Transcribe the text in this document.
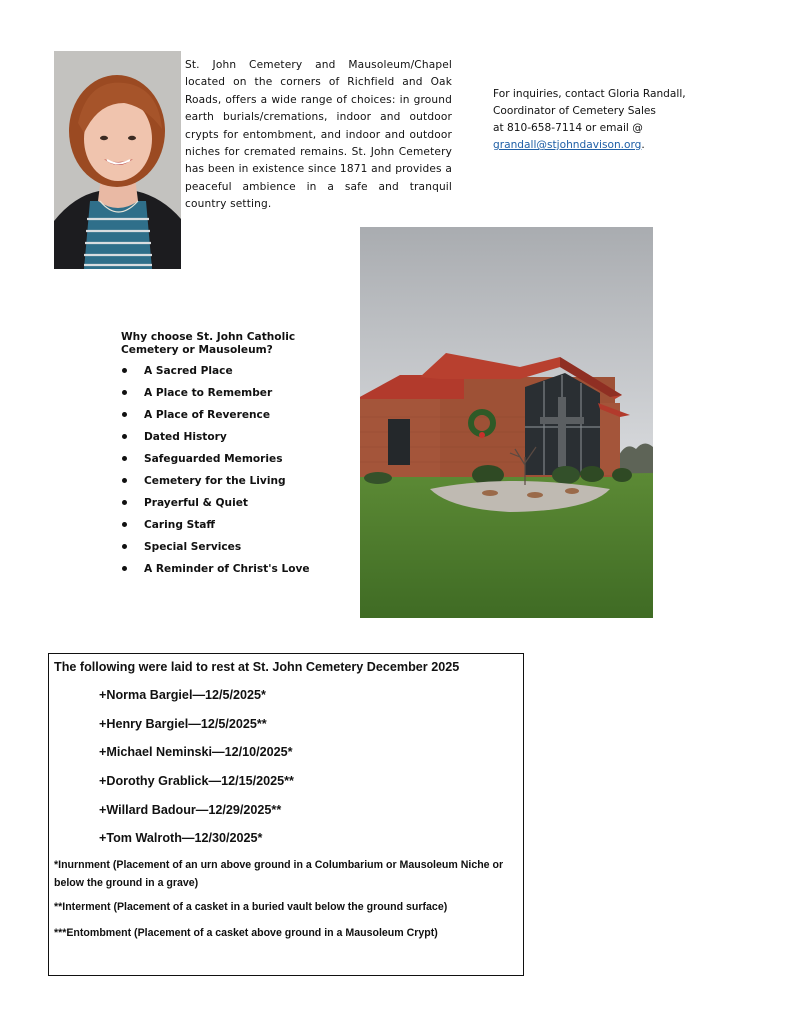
St. John Cemetery and Mausoleum/Chapel located on the corners of Richfield and Oak Roads, offers a wide range of choices: in ground earth burials/cremations, indoor and outdoor crypts for entombment, and indoor and outdoor niches for cremated remains. St. John Cemetery has been in existence since 1871 and provides a peaceful ambience in a safe and tranquil country setting.
For inquiries, contact Gloria Randall,
Coordinator of Cemetery Sales
at 810-658-7114 or email @
grandall@stjohndavison.org.
Why choose St. John Catholic Cemetery or Mausoleum?
A Sacred Place
A Place to Remember
A Place of Reverence
Dated History
Safeguarded Memories
Cemetery for the Living
Prayerful & Quiet
Caring Staff
Special Services
A Reminder of Christ's Love
The following were laid to rest at St. John Cemetery December 2025
+Norma Bargiel—12/5/2025*
+Henry Bargiel—12/5/2025**
+Michael Neminski—12/10/2025*
+Dorothy Grablick—12/15/2025**
+Willard Badour—12/29/2025**
+Tom Walroth—12/30/2025*
*Inurnment (Placement of an urn above ground in a Columbarium or Mausoleum Niche or below the ground in a grave)
**Interment (Placement of a casket in a buried vault below the ground surface)
***Entombment (Placement of a casket above ground in a Mausoleum Crypt)
